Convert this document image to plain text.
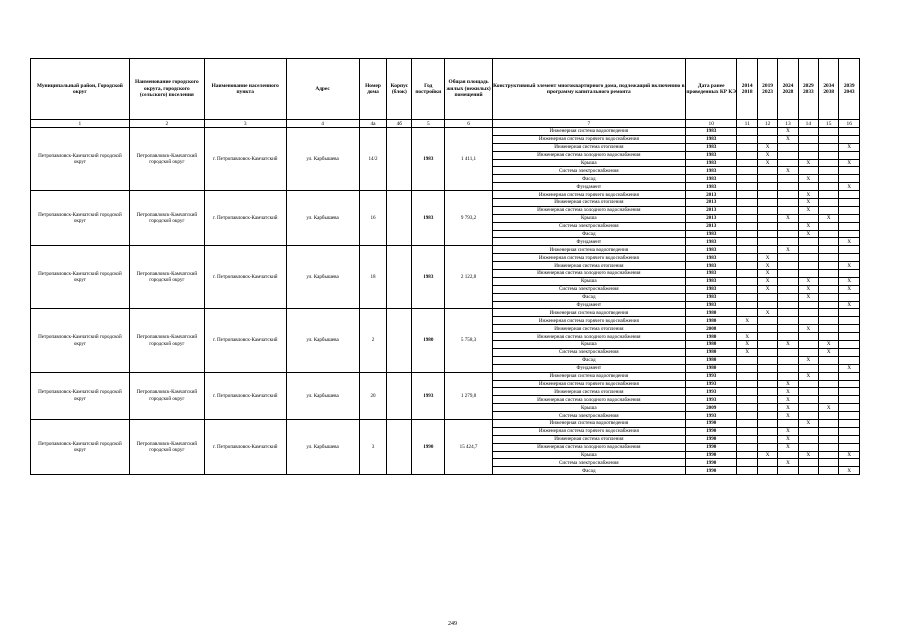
Муниципальный район, Городской округ	Наименование городского округа, городского (сельского) поселения	Наименование населенного пункта	Адрес	Номер дома	Корпус (блок)	Год постройки	Общая площадь жилых (нежилых) помещений	Конструктивный элемент многоквартирного дома, подлежащий включению в программу капитального ремонта	Дата ранее проведенных КР КЭ	2014 2018	2019 2023	2024 2028	2029 2033	2034 2038	2039 2043
1	2	3	4	4а	4б	5	6	7	10	11	12	13	14	15	16
Петропавловск-Камчатский городской округ	Петропавловск-Камчатский городской округ	г. Петропавловск-Камчатский	ул. Карбышева	14/2		1983	1 411,1	Инженерная система водоотведения	1983			X			
								Инженерная система горячего водоснабжения	1983			X			
								Инженерная система отопления	1983		X				X
								Инженерная система холодного водоснабжения	1983		X				
								Крыша	1983		X		X		X
								Система электроснабжения	1983			X			
								Фасад	1983				X		
								Фундамент	1983						X
Петропавловск-Камчатский городской округ	Петропавловск-Камчатский городской округ	г. Петропавловск-Камчатский	ул. Карбышева	16		1983	9 793,2	Инженерная система горячего водоснабжения	2013				X		
								Инженерная система отопления	2013				X		
								Инженерная система холодного водоснабжения	2013				X		
								Крыша	2013			X		X	
								Система электроснабжения	2013				X		
								Фасад	1983				X		
								Фундамент	1983						X
Петропавловск-Камчатский городской округ	Петропавловск-Камчатский городской округ	г. Петропавловск-Камчатский	ул. Карбышева	18		1983	2 122,8	Инженерная система водоотведения	1983			X			
								Инженерная система горячего водоснабжения	1983		X				
								Инженерная система отопления	1983		X				X
								Инженерная система холодного водоснабжения	1983		X				
								Крыша	1983		X		X		X
								Система электроснабжения	1983		X		X		X
								Фасад	1983				X		
								Фундамент	1983						X
Петропавловск-Камчатский городской округ	Петропавловск-Камчатский городской округ	г. Петропавловск-Камчатский	ул. Карбышева	2		1980	5 758,3	Инженерная система водоотведения	1980		X				
								Инженерная система горячего водоснабжения	1980	X					
								Инженерная система отопления	2008				X		
								Инженерная система холодного водоснабжения	1980	X					
								Крыша	1980	X		X		X	
								Система электроснабжения	1980	X				X	
								Фасад	1980				X		
								Фундамент	1980						X
Петропавловск-Камчатский городской округ	Петропавловск-Камчатский городской округ	г. Петропавловск-Камчатский	ул. Карбышева	20		1993	1 279,8	Инженерная система водоотведения	1993				X		
								Инженерная система горячего водоснабжения	1993			X			
								Инженерная система отопления	1993			X			
								Инженерная система холодного водоснабжения	1993			X			
								Крыша	2009			X		X	
								Система электроснабжения	1993			X			
Петропавловск-Камчатский городской округ	Петропавловск-Камчатский городской округ	г. Петропавловск-Камчатский	ул. Карбышева	3		1990	15 424,7	Инженерная система водоотведения	1990				X		
								Инженерная система горячего водоснабжения	1990			X			
								Инженерная система отопления	1990			X			
								Инженерная система холодного водоснабжения	1990			X			
								Крыша	1990		X		X		X
								Система электроснабжения	1990			X			
								Фасад	1990						X
249
